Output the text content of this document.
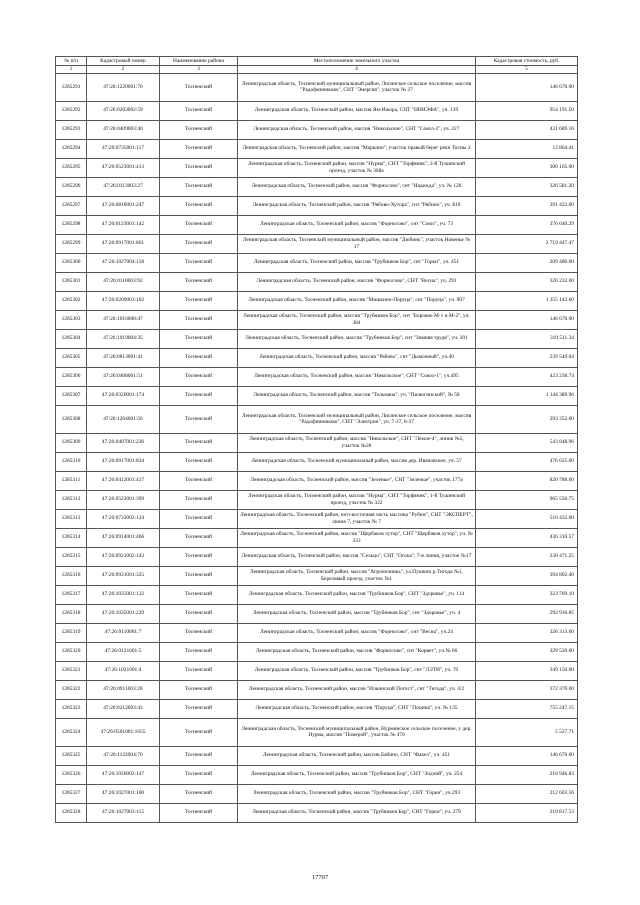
№ п/п	Кадастровый номер	Наименование района	Местоположение земельного участка	Кадастровая стоимость, руб.
1	2	3	4	5
1285291	47:26:1220001:70	Тосненский	Ленинградская область, Тосненский муниципальный район, Лисинское сельское поселение, массив "Радофинниково", СНТ "Энергия", участок № 27	146 676.00
1285292	47:26:0203002:59	Тосненский	Ленинградская область, Тосненский район, массив Ям-Ижора, СНТ "НИИЭФА", уч. 139	954 191.50
1285293	47:26:0409003:40	Тосненский	Ленинградская область, Тосненский район, массив "Никольское", СНТ "Сокол-2", уч. 227	431 689.16
1285294	47:26:0735001:117	Тосненский	Ленинградская область, Тосненский район, массив "Марьино", участок правый берег реки Тосны 3	13 864.41
1285295	47:26:0523001:413	Тосненский	Ленинградская область, Тосненский район, массив "Нурма", СНТ "Торфяник", 2-й Тушинский проезд, участок № 308а	300 165.00
1285296	47:26:0113002:27	Тосненский	Ленинградская область, Тосненский район, массив "Форносово", снт "Надежда", уч. № 128	326 581.20
1285297	47:26:0816001:247	Тосненский	Ленинградская область, Тосненский район, массив "Рябово-Хутора", снт "Рябино", уч. 810	391 422.00
1285298	47:26:0123001:142	Тосненский	Ленинградская область, Тосненский район, массив "Форносово", снт "Союз", уч. 73	376 640.29
1285299	47:26:0917001:861	Тосненский	Ленинградская область, Тосненский муниципальный район, массив "Дюбинь", участок Новенье № 17	2 719 447.47
1285300	47:26:1027004:118	Тосненский	Ленинградская область, Тосненский район, массив "Трубников Бор", снт "Горки", уч. 451	209 480.00
1285301	47:26:0110003:92	Тосненский	Ленинградская область, Тосненский район, массив "Форносово", СНТ "Весна", уч. 291	320 232.00
1285302	47:26:0209003:102	Тосненский	Ленинградская область, Тосненский район, массив "Мишкино-Поруца", снт "Поруца", уч. 907	1 355 142.60
1285303	47:26:1016008:47	Тосненский	Ленинградская область, Тосненский район, массив "Трубников Бор", снт "Боровое М-1 и М-2", уч. 384	146 676.00
1285304	47:26:1019004:35	Тосненский	Ленинградская область, Тосненский район, массив "Трубников Бор", снт "Зимняя трудя", уч. 301	310 511.34
1285305	47:26:0813001:41	Тосненский	Ленинградская область, Тосненский район, массив "Рябово", снт "Дымочный", уч.40	239 549.04
1285306	47:26:0408001:51	Тосненский	Ленинградская область, Тосненский район, массив "Никольское", СНТ "Сокол-1", уч.495	423 238.74
1285307	47:26:0320001:174	Тосненский	Ленинградская область, Тосненский район, массив "Тельмана", уч. "Пилюгинский", № 58	1 144 389.96
1285308	47:26:1204001:56	Тосненский	Ленинградская область, Тосненский муниципальный район, Лисинское сельское поселение, массив "Радофинниково", СНТ "Электрон", уч. 7-37, 8-37	293 352.00
1285309	47:26:0407001:236	Тосненский	Ленинградская область, Тосненский район, массив "Никольское", СНТ "Лемле-4", линия №5, участок №28	543 848.96
1285310	47:26:0917001:834	Тосненский	Ленинградская область, Тосненский муниципальный район, массив дер. Ивановское, уч. 57	476 625.00
1285311	47:26:0412001:417	Тосненский	Ленинградская область, Тосненский район, массив "Зеленые", СНТ "Зеленые", участок 177а	820 788.00
1285312	47:26:0523001:399	Тосненский	Ленинградская область, Тосненский район, массив "Нурма", СНТ "Торфяник", 1-й Тушинский проезд, участок № 322	965 550.75
1285313	47:26:0733002:124	Тосненский	Ленинградская область, Тосненский район, юго-восточная часть массива "Рубеж", СНТ "ЭКСПЕРТ", линия 7, участок № 7	510 432.00
1285314	47:26:0914001:466	Тосненский	Ленинградская область, Тосненский район, массив "Щербаков хутор", СНТ "Щербаков хутор", уч. № 333	436 310.57
1285315	47:26:0921002:143	Тосненский	Ленинградская область, Тосненский район, массив "Сельцо", СНТ "Осока", 7-я линия, участок №17	230 471.25
1285316	47:26:0931001:325	Тосненский	Ленинградская область, Тосненский район, массив "Агроночникь", ул.Пушкин р.Тигода №1, Березовый проезд, участок №1	394 802.40
1285317	47:26:1035001:132	Тосненский	Ленинградская область, Тосненский район, массив "Трубников Бор", СНТ "Здоровье", уч. 114	223 769.10
1285318	47:26:1035001:229	Тосненский	Ленинградская область, Тосненский район, массив "Трубников Бор", снт "Здоровье", уч. 4	292 936.85
1285319	47:26:0110001:7	Тосненский	Ленинградская область, Тосненский район, массив "Форносово", снт "Весна", уч.24	326 313.60
1285320	47:26:0121001:5	Тосненский	Ленинградская область, Тосненский район, массив "Форносово", снт "Корвет", уч.№ 66	329 520.00
1285321	47:26:1021001:4	Тосненский	Ленинградская область, Тосненский район, массив "Трубников Бор", снт "ЛЭТИ", уч. 70	349 150.00
1285322	47:26:0911003:28	Тосненский	Ленинградская область, Тосненский район, массив "Ильинский Погост", снт "Тигода", уч. 4/2	372 370.00
1285323	47:26:0212003:43	Тосненский	Ленинградская область, Тосненский район, массив "Поруца", СНТ "Поцина", уч. № 135	755 247.15
1285324	47:26:0501001:1055	Тосненский	Ленинградская область, Тосненский муниципальный район, Нурминское сельское поселение, у дер. Нурма, массив "Померой", участок № 470	5 527.71
1285325	47:26:1122004:70	Тосненский	Ленинградская область, Тосненский район, массив Бабино, СНТ "Факел", уч. 451	146 676.00
1285326	47:26:1026002:147	Тосненский	Ленинградская область, Тосненский район, массив "Трубников Бор", СНТ "Зодчий", уч. 254	216 946.83
1285327	47:26:1027001:100	Тосненский	Ленинградская область, Тосненский район, массив "Трубников Бор", СНТ "Горки", уч.293	212 603.56
1285328	47:26:1027003:115	Тосненский	Ленинградская область, Тосненский район, массив "Трубников Бор", СНТ "Горки", уч. 279	210 817.53
17707
